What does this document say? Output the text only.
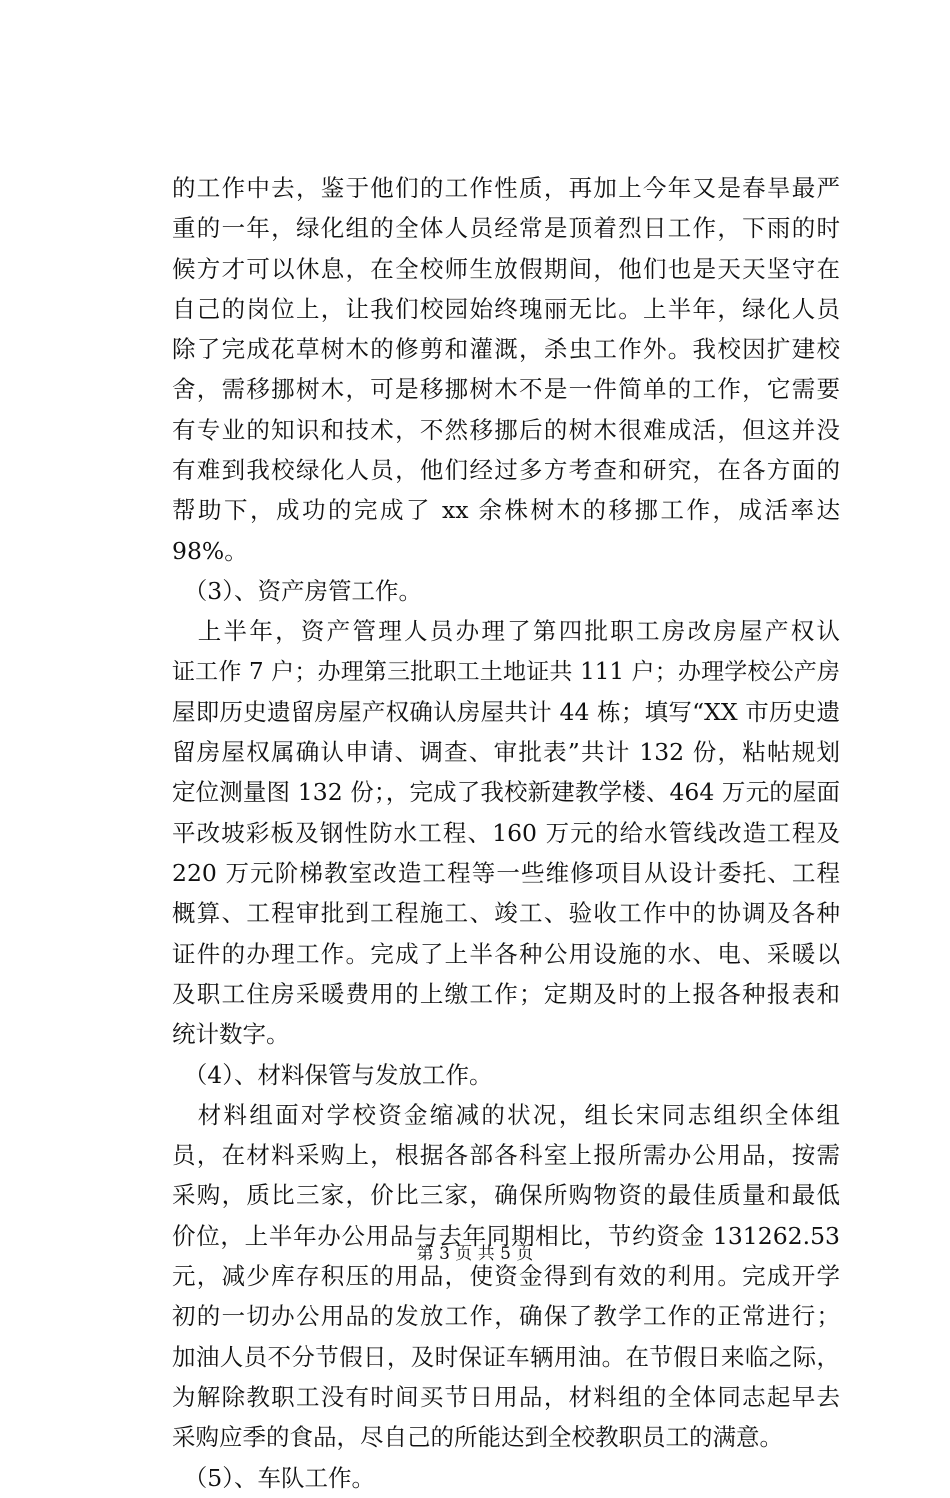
的工作中去，鉴于他们的工作性质，再加上今年又是春旱最严
重的一年，绿化组的全体人员经常是顶着烈日工作，下雨的时
候方才可以休息，在全校师生放假期间，他们也是天天坚守在
自己的岗位上，让我们校园始终瑰丽无比。上半年，绿化人员
除了完成花草树木的修剪和灌溉，杀虫工作外。我校因扩建校
舍，需移挪树木，可是移挪树木不是一件简单的工作，它需要
有专业的知识和技术，不然移挪后的树木很难成活，但这并没
有难到我校绿化人员，他们经过多方考查和研究，在各方面的
帮助下，成功的完成了 xx 余株树木的移挪工作，成活率达
98%。
　（3）、资产房管工作。
　上半年，资产管理人员办理了第四批职工房改房屋产权认
证工作 7 户；办理第三批职工土地证共 111 户；办理学校公产房
屋即历史遗留房屋产权确认房屋共计 44 栋；填写“XX 市历史遗
留房屋权属确认申请、调查、审批表”共计 132 份，粘帖规划
定位测量图 132 份；，完成了我校新建教学楼、464 万元的屋面
平改坡彩板及钢性防水工程、160 万元的给水管线改造工程及
220 万元阶梯教室改造工程等一些维修项目从设计委托、工程
概算、工程审批到工程施工、竣工、验收工作中的协调及各种
证件的办理工作。完成了上半各种公用设施的水、电、采暖以
及职工住房采暖费用的上缴工作；定期及时的上报各种报表和
统计数字。
　（4）、材料保管与发放工作。
　材料组面对学校资金缩减的状况，组长宋同志组织全体组
员，在材料采购上，根据各部各科室上报所需办公用品，按需
采购，质比三家，价比三家，确保所购物资的最佳质量和最低
价位，上半年办公用品与去年同期相比，节约资金 131262.53
元，减少库存积压的用品，使资金得到有效的利用。完成开学
初的一切办公用品的发放工作，确保了教学工作的正常进行；
加油人员不分节假日，及时保证车辆用油。在节假日来临之际，
为解除教职工没有时间买节日用品，材料组的全体同志起早去
采购应季的食品，尽自己的所能达到全校教职员工的满意。
　（5）、车队工作。
第 3 页 共 5 页
